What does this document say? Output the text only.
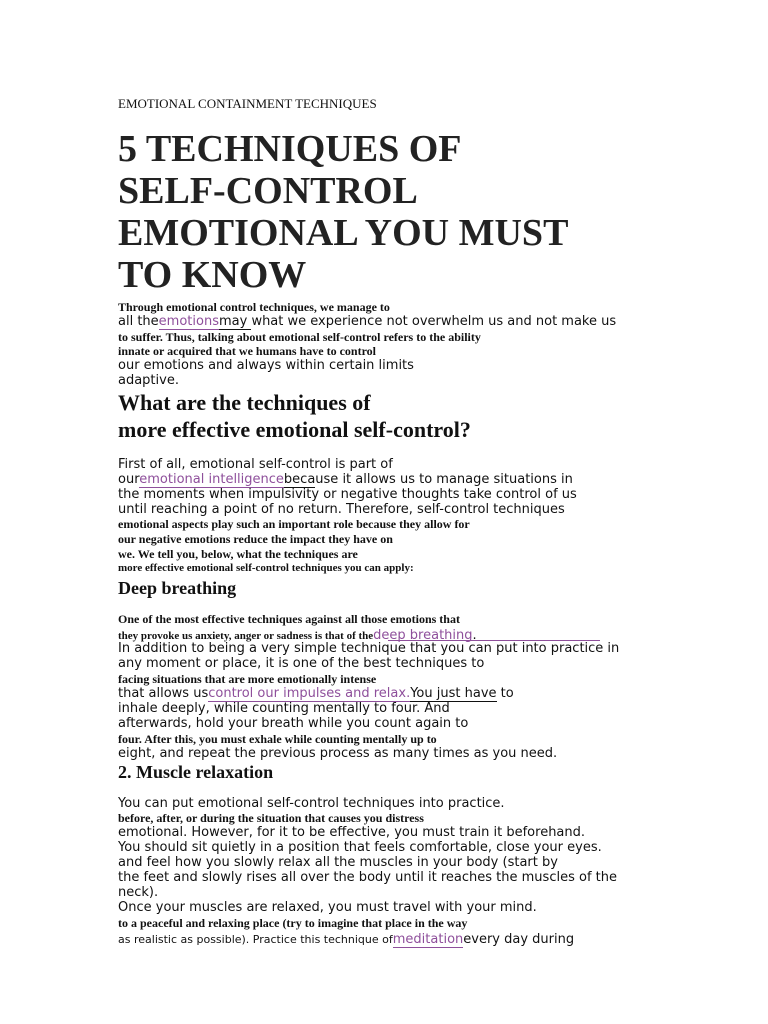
EMOTIONAL CONTAINMENT TECHNIQUES
5 TECHNIQUES OF
SELF-CONTROL
EMOTIONAL YOU MUST
TO KNOW
Through emotional control techniques, we manage to
all theemotionsmay what we experience not overwhelm us and not make us
to suffer. Thus, talking about emotional self-control refers to the ability
innate or acquired that we humans have to control
our emotions and always within certain limits
adaptive.
What are the techniques of
more effective emotional self-control?
First of all, emotional self-control is part of
ouremotional intelligencebecause it allows us to manage situations in
the moments when impulsivity or negative thoughts take control of us
until reaching a point of no return. Therefore, self-control techniques
emotional aspects play such an important role because they allow for
our negative emotions reduce the impact they have on
we. We tell you, below, what the techniques are
more effective emotional self-control techniques you can apply:
Deep breathing
One of the most effective techniques against all those emotions that
they provoke us anxiety, anger or sadness is that of thedeep breathing.
In addition to being a very simple technique that you can put into practice in
any moment or place, it is one of the best techniques to
facing situations that are more emotionally intense
that allows uscontrol our impulses and relax.You just have to
inhale deeply, while counting mentally to four. And
afterwards, hold your breath while you count again to
four. After this, you must exhale while counting mentally up to
eight, and repeat the previous process as many times as you need.
2. Muscle relaxation
You can put emotional self-control techniques into practice.
before, after, or during the situation that causes you distress
emotional. However, for it to be effective, you must train it beforehand.
You should sit quietly in a position that feels comfortable, close your eyes.
and feel how you slowly relax all the muscles in your body (start by
the feet and slowly rises all over the body until it reaches the muscles of the
neck).
Once your muscles are relaxed, you must travel with your mind.
to a peaceful and relaxing place (try to imagine that place in the way
as realistic as possible). Practice this technique ofmeditationevery day during
